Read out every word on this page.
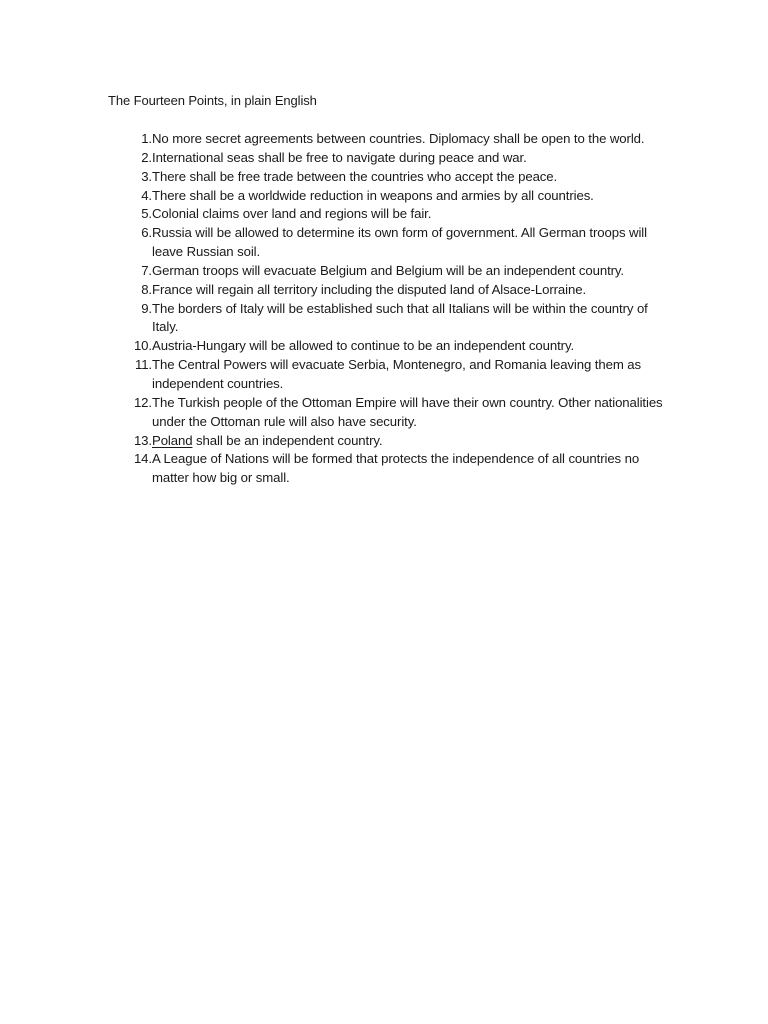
The Fourteen Points, in plain English
1. No more secret agreements between countries. Diplomacy shall be open to the world.
2. International seas shall be free to navigate during peace and war.
3. There shall be free trade between the countries who accept the peace.
4. There shall be a worldwide reduction in weapons and armies by all countries.
5. Colonial claims over land and regions will be fair.
6. Russia will be allowed to determine its own form of government. All German troops will leave Russian soil.
7. German troops will evacuate Belgium and Belgium will be an independent country.
8. France will regain all territory including the disputed land of Alsace-Lorraine.
9. The borders of Italy will be established such that all Italians will be within the country of Italy.
10. Austria-Hungary will be allowed to continue to be an independent country.
11. The Central Powers will evacuate Serbia, Montenegro, and Romania leaving them as independent countries.
12. The Turkish people of the Ottoman Empire will have their own country. Other nationalities under the Ottoman rule will also have security.
13. Poland shall be an independent country.
14. A League of Nations will be formed that protects the independence of all countries no matter how big or small.
